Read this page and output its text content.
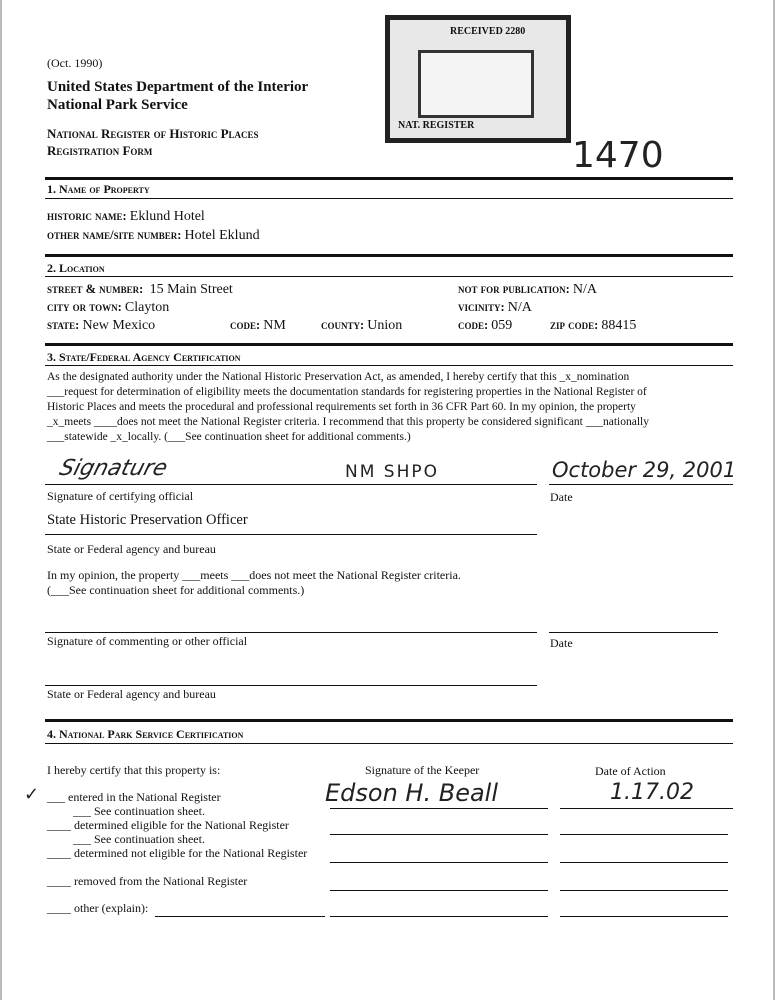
(Oct. 1990)
United States Department of the Interior
National Park Service
National Register of Historic Places
Registration Form
RECEIVED 2280
NAT. REGISTER
1470
1. Name of Property
historic name: Eklund Hotel
other name/site number: Hotel Eklund
2. Location
street & number: 15 Main Street
city or town: Clayton
state: New Mexico	code: NM	county: Union
not for publication: N/A
vicinity: N/A
code: 059	zip code: 88415
3. State/Federal Agency Certification
As the designated authority under the National Historic Preservation Act, as amended, I hereby certify that this _x_nomination
___request for determination of eligibility meets the documentation standards for registering properties in the National Register of
Historic Places and meets the procedural and professional requirements set forth in 36 CFR Part 60. In my opinion, the property
_x_meets ____does not meet the National Register criteria. I recommend that this property be considered significant ___nationally
___statewide _x_locally. (___See continuation sheet for additional comments.)
Signature	NM SHPO	October 29, 2001
Signature of certifying official	Date
State Historic Preservation Officer
State or Federal agency and bureau
In my opinion, the property ___meets ___does not meet the National Register criteria.
(___See continuation sheet for additional comments.)
Signature of commenting or other official	Date
State or Federal agency and bureau
4. National Park Service Certification
I hereby certify that this property is:	Signature of the Keeper	Date of Action
Edson H. Beall	1.17.02
✓ ___ entered in the National Register
___ See continuation sheet.
____ determined eligible for the National Register
___ See continuation sheet.
____ determined not eligible for the National Register
____ removed from the National Register
____ other (explain):
